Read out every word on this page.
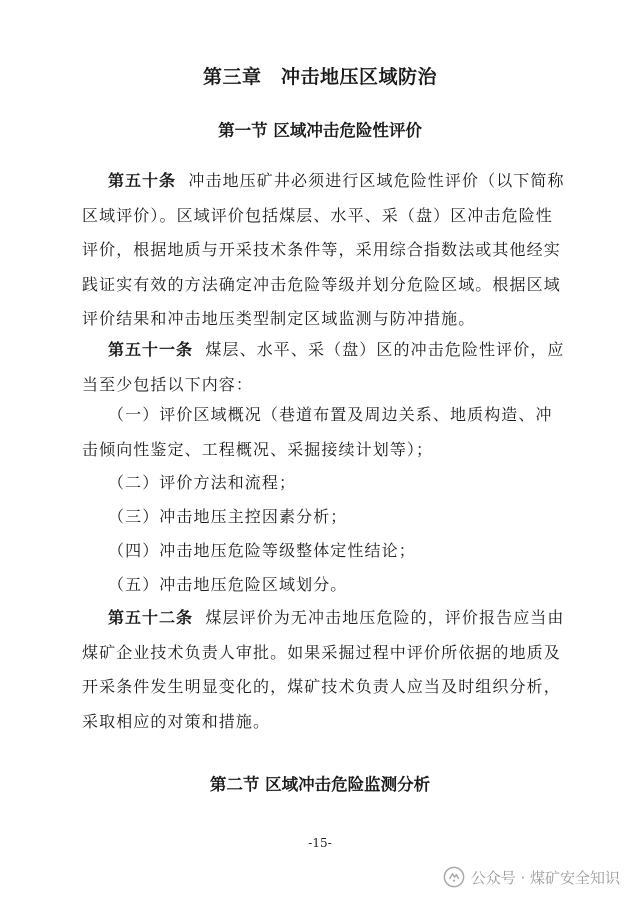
第三章　冲击地压区域防治
第一节 区域冲击危险性评价
第五十条 冲击地压矿井必须进行区域危险性评价（以下简称区域评价）。区域评价包括煤层、水平、采（盘）区冲击危险性评价，根据地质与开采技术条件等，采用综合指数法或其他经实践证实有效的方法确定冲击危险等级并划分危险区域。根据区域评价结果和冲击地压类型制定区域监测与防冲措施。
第五十一条 煤层、水平、采（盘）区的冲击危险性评价，应当至少包括以下内容：
（一）评价区域概况（巷道布置及周边关系、地质构造、冲击倾向性鉴定、工程概况、采掘接续计划等）；
（二）评价方法和流程；
（三）冲击地压主控因素分析；
（四）冲击地压危险等级整体定性结论；
（五）冲击地压危险区域划分。
第五十二条 煤层评价为无冲击地压危险的，评价报告应当由煤矿企业技术负责人审批。如果采掘过程中评价所依据的地质及开采条件发生明显变化的，煤矿技术负责人应当及时组织分析，采取相应的对策和措施。
第二节 区域冲击危险监测分析
-15-
公众号 · 煤矿安全知识
